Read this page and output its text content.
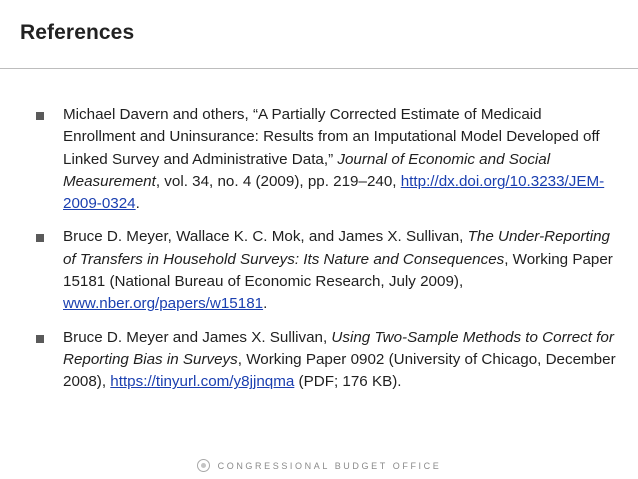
References
Michael Davern and others, “A Partially Corrected Estimate of Medicaid Enrollment and Uninsurance: Results from an Imputational Model Developed off Linked Survey and Administrative Data,” Journal of Economic and Social Measurement, vol. 34, no. 4 (2009), pp. 219–240, http://dx.doi.org/10.3233/JEM-2009-0324.
Bruce D. Meyer, Wallace K. C. Mok, and James X. Sullivan, The Under-Reporting of Transfers in Household Surveys: Its Nature and Consequences, Working Paper 15181 (National Bureau of Economic Research, July 2009), www.nber.org/papers/w15181.
Bruce D. Meyer and James X. Sullivan, Using Two-Sample Methods to Correct for Reporting Bias in Surveys, Working Paper 0902 (University of Chicago, December 2008), https://tinyurl.com/y8jjnqma (PDF; 176 KB).
CONGRESSIONAL BUDGET OFFICE
